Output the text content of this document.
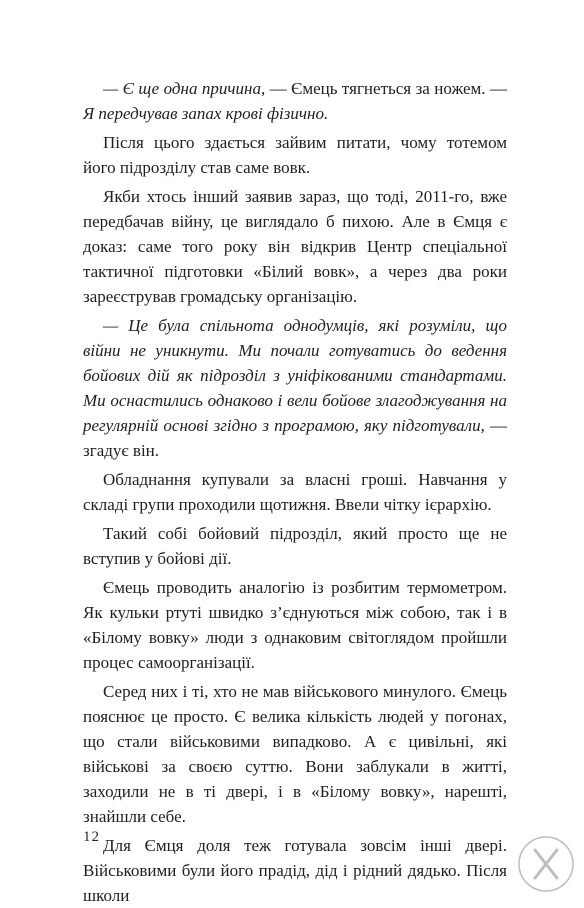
— Є ще одна причина, — Ємець тягнеться за ножем. — Я передчував запах крові фізично.

Після цього здається зайвим питати, чому тотемом його підрозділу став саме вовк.

Якби хтось інший заявив зараз, що тоді, 2011-го, вже передбачав війну, це виглядало б пихою. Але в Ємця є доказ: саме того року він відкрив Центр спеціальної тактичної підготовки «Білий вовк», а через два роки зареєстрував громадську організацію.

— Це була спільнота однодумців, які розуміли, що війни не уникнути. Ми почали готуватись до ведення бойових дій як підрозділ з уніфікованими стандартами. Ми оснастились однаково і вели бойове злагоджування на регулярній основі згідно з програмою, яку підготували, — згадує він.

Обладнання купували за власні гроші. Навчання у складі групи проходили щотижня. Ввели чітку ієрархію.

Такий собі бойовий підрозділ, який просто ще не вступив у бойові дії.

Ємець проводить аналогію із розбитим термометром. Як кульки ртуті швидко з’єднуються між собою, так і в «Білому вовку» люди з однаковим світоглядом пройшли процес самоорганізації.

Серед них і ті, хто не мав військового минулого. Ємець пояснює це просто. Є велика кількість людей у погонах, що стали військовими випадково. А є цивільні, які військові за своєю суттю. Вони заблукали в житті, заходили не в ті двері, і в «Білому вовку», нарешті, знайшли себе.

Для Ємця доля теж готувала зовсім інші двері. Військовими були його прадід, дід і рідний дядько. Після школи

12
